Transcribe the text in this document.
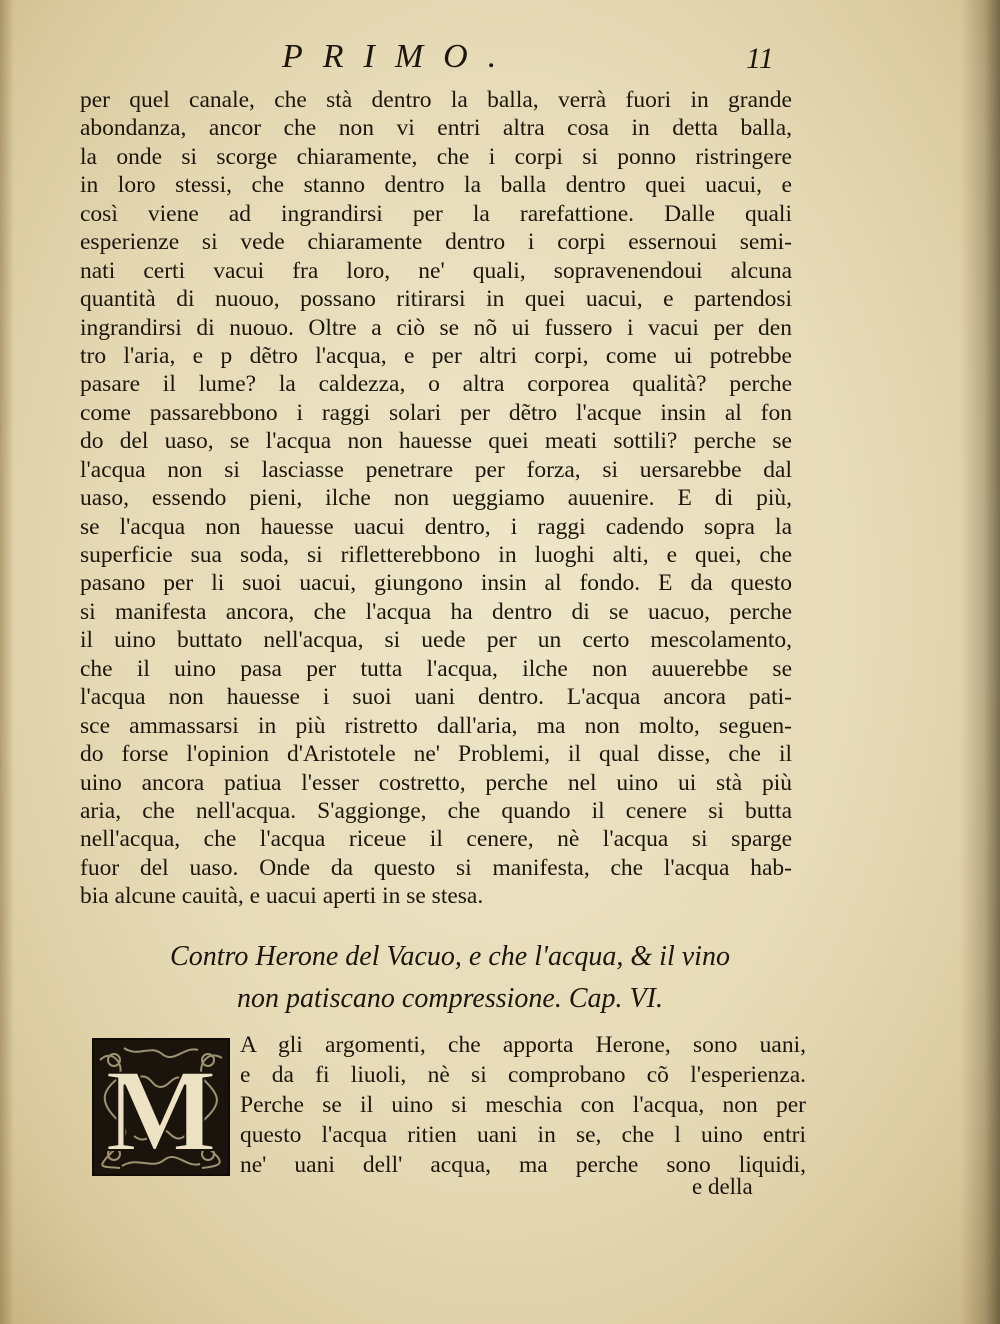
PRIMO.	11
per quel canale, che stà dentro la balla, verrà fuori in grande
abondanza, ancor che non vi entri altra cosa in detta balla,
la onde si scorge chiaramente, che i corpi si ponno ristringere
in loro stessi, che stanno dentro la balla dentro quei uacui, e
così viene ad ingrandirsi per la rarefattione. Dalle quali
esperienze si vede chiaramente dentro i corpi essernoui semi-
nati certi vacui fra loro, ne' quali, sopravenendoui alcuna
quantità di nuouo, possano ritirarsi in quei uacui, e partendosi
ingrandirsi di nuouo. Oltre a ciò se nõ ui fussero i vacui per den
tro l'aria, e p dẽtro l'acqua, e per altri corpi, come ui potrebbe
pasare il lume? la caldezza, o altra corporea qualità? perche
come passarebbono i raggi solari per dẽtro l'acque insin al fon
do del uaso, se l'acqua non hauesse quei meati sottili? perche se
l'acqua non si lasciasse penetrare per forza, si uersarebbe dal
uaso, essendo pieni, ilche non ueggiamo auuenire. E di più,
se l'acqua non hauesse uacui dentro, i raggi cadendo sopra la
superficie sua soda, si rifletterebbono in luoghi alti, e quei, che
pasano per li suoi uacui, giungono insin al fondo. E da questo
si manifesta ancora, che l'acqua ha dentro di se uacuo, perche
il uino buttato nell'acqua, si uede per un certo mescolamento,
che il uino pasa per tutta l'acqua, ilche non auuerebbe se
l'acqua non hauesse i suoi uani dentro. L'acqua ancora pati-
sce ammassarsi in più ristretto dall'aria, ma non molto, seguen-
do forse l'opinion d'Aristotele ne' Problemi, il qual disse, che il
uino ancora patiua l'esser costretto, perche nel uino ui stà più
aria, che nell'acqua. S'aggionge, che quando il cenere si butta
nell'acqua, che l'acqua riceue il cenere, nè l'acqua si sparge
fuor del uaso. Onde da questo si manifesta, che l'acqua hab-
bia alcune cauità, e uacui aperti in se stesa.
Contro Herone del Vacuo, e che l'acqua, & il vino
non patiscano compressione. Cap. VI.
M A gli argomenti, che apporta Herone, sono uani,
e da fi liuoli, nè si comprobano cõ l'esperienza.
Perche se il uino si meschia con l'acqua, non per
questo l'acqua ritien uani in se, che l uino entri
ne' uani dell' acqua, ma perche sono liquidi,
e della
